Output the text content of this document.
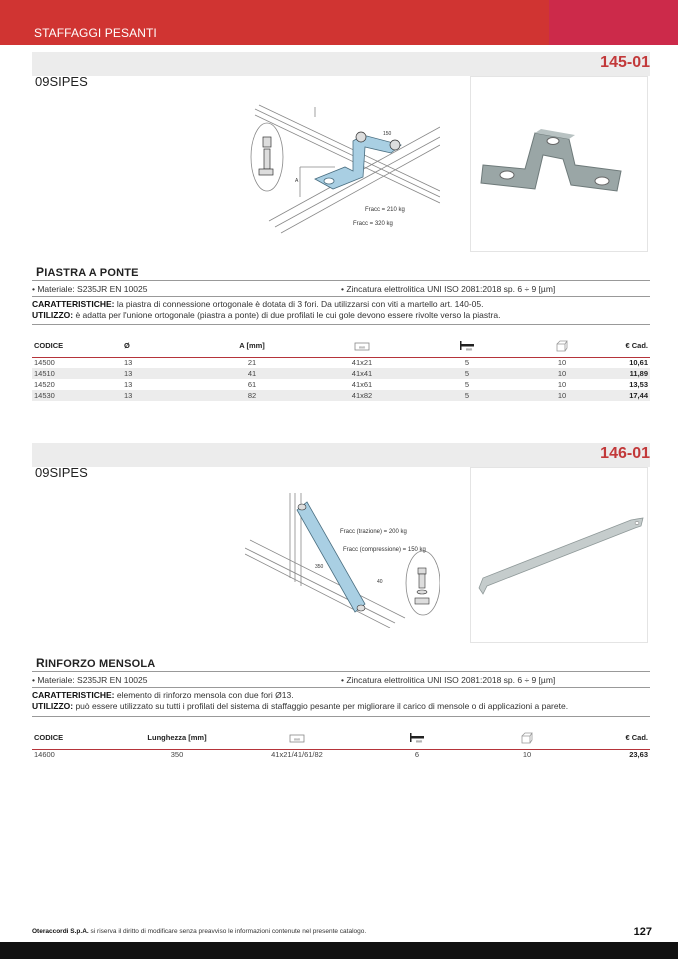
STAFFAGGI PESANTI
145-01
09SIPES
Fracc = 210 kg
Fracc = 320 kg
150
A
PIASTRA A PONTE
• Materiale: S235JR EN 10025	• Zincatura elettrolitica UNI ISO 2081:2018 sp. 6 ÷ 9 [µm]
CARATTERISTICHE: la piastra di connessione ortogonale è dotata di 3 fori. Da utilizzarsi con viti a martello art. 140-05.
UTILIZZO: è adatta per l'unione ortogonale (piastra a ponte) di due profilati le cui gole devono essere rivolte verso la piastra.
CODICE	Ø	A [mm]	mm	mm		€ Cad.
14500	13	21	41x21	5	10	10,61
14510	13	41	41x41	5	10	11,89
14520	13	61	41x61	5	10	13,53
14530	13	82	41x82	5	10	17,44
146-01
09SIPES
Fracc (trazione) = 200 kg
Fracc (compressione) = 150 kg
350
40
RINFORZO MENSOLA
• Materiale: S235JR EN 10025	• Zincatura elettrolitica UNI ISO 2081:2018 sp. 6 ÷ 9 [µm]
CARATTERISTICHE: elemento di rinforzo mensola con due fori Ø13.
UTILIZZO: può essere utilizzato su tutti i profilati del sistema di staffaggio pesante per migliorare il carico di mensole o di applicazioni a parete.
CODICE	Lunghezza [mm]	mm	mm		€ Cad.
14600	350	41x21/41/61/82	6	10	23,63
Oteraccordi S.p.A. si riserva il diritto di modificare senza preavviso le informazioni contenute nel presente catalogo.	127
